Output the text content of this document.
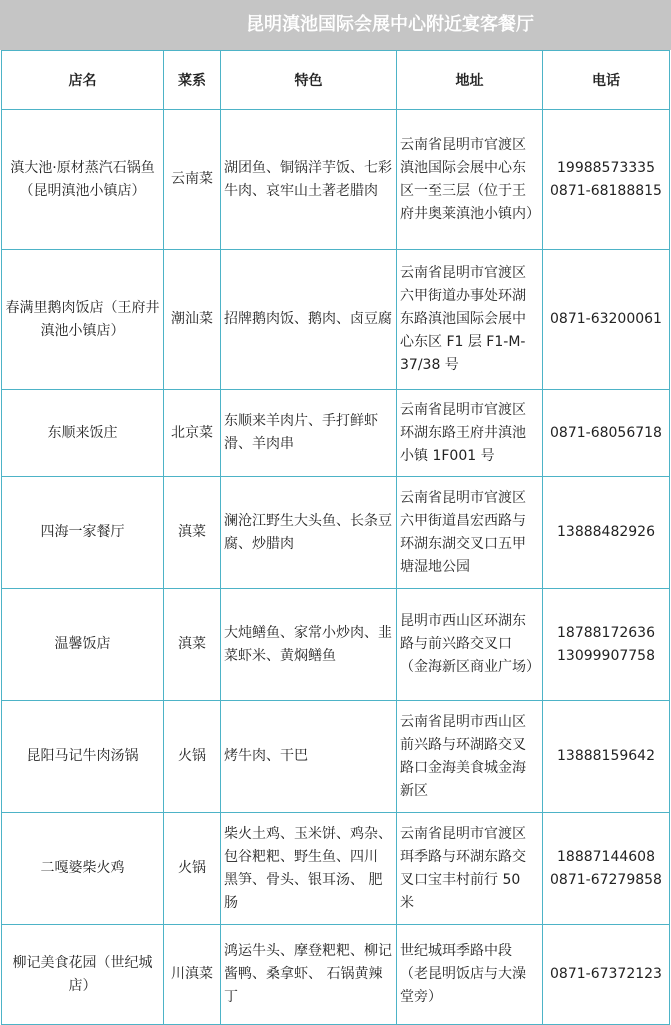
昆明滇池国际会展中心附近宴客餐厅
店名	菜系	特色	地址	电话
滇大池·原材蒸汽石锅鱼（昆明滇池小镇店）	云南菜	湖团鱼、铜锅洋芋饭、七彩牛肉、哀牢山土著老腊肉	云南省昆明市官渡区滇池国际会展中心东区一至三层（位于王府井奥莱滇池小镇内）	19988573335
0871-68188815
春满里鹅肉饭店（王府井滇池小镇店）	潮汕菜	招牌鹅肉饭、鹅肉、卤豆腐	云南省昆明市官渡区六甲街道办事处环湖东路滇池国际会展中心东区 F1 层 F1-M-37/38 号	0871-63200061
东顺来饭庄	北京菜	东顺来羊肉片、手打鲜虾滑、羊肉串	云南省昆明市官渡区环湖东路王府井滇池小镇 1F001 号	0871-68056718
四海一家餐厅	滇菜	澜沧江野生大头鱼、长条豆腐、炒腊肉	云南省昆明市官渡区六甲街道昌宏西路与环湖东湖交叉口五甲塘湿地公园	13888482926
温馨饭店	滇菜	大炖鳝鱼、家常小炒肉、韭菜虾米、黄焖鳝鱼	昆明市西山区环湖东路与前兴路交叉口（金海新区商业广场）	18788172636
13099907758
昆阳马记牛肉汤锅	火锅	烤牛肉、干巴	云南省昆明市西山区前兴路与环湖路交叉路口金海美食城金海新区	13888159642
二嘎婆柴火鸡	火锅	柴火土鸡、玉米饼、鸡杂、包谷粑粑、野生鱼、四川 黑笋、骨头、银耳汤、 肥肠	云南省昆明市官渡区珥季路与环湖东路交叉口宝丰村前行 50 米	18887144608
0871-67279858
柳记美食花园（世纪城店）	川滇菜	鸿运牛头、摩登粑粑、柳记酱鸭、桑拿虾、 石锅黄辣丁	世纪城珥季路中段（老昆明饭店与大澡堂旁）	0871-67372123
